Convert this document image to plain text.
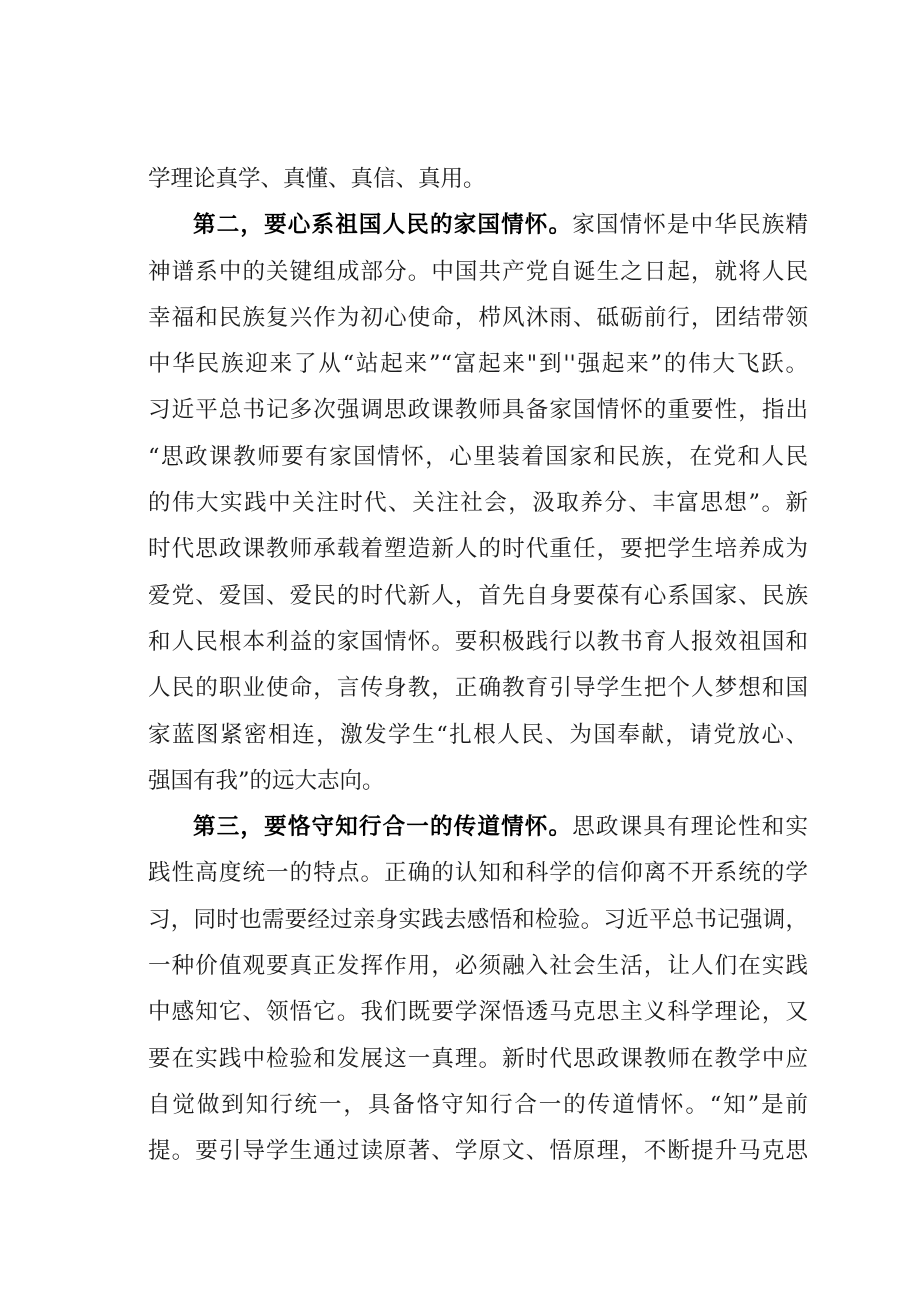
学理论真学、真懂、真信、真用。
第二，要心系祖国人民的家国情怀。家国情怀是中华民族精
神谱系中的关键组成部分。中国共产党自诞生之日起，就将人民
幸福和民族复兴作为初心使命，栉风沐雨、砥砺前行，团结带领
中华民族迎来了从“站起来”“富起来"到''强起来”的伟大飞跃。
习近平总书记多次强调思政课教师具备家国情怀的重要性，指出
“思政课教师要有家国情怀，心里装着国家和民族，在党和人民
的伟大实践中关注时代、关注社会，汲取养分、丰富思想”。新
时代思政课教师承载着塑造新人的时代重任，要把学生培养成为
爱党、爱国、爱民的时代新人，首先自身要葆有心系国家、民族
和人民根本利益的家国情怀。要积极践行以教书育人报效祖国和
人民的职业使命，言传身教，正确教育引导学生把个人梦想和国
家蓝图紧密相连，激发学生“扎根人民、为国奉献，请党放心、
强国有我”的远大志向。
第三，要恪守知行合一的传道情怀。思政课具有理论性和实
践性高度统一的特点。正确的认知和科学的信仰离不开系统的学
习，同时也需要经过亲身实践去感悟和检验。习近平总书记强调，
一种价值观要真正发挥作用，必须融入社会生活，让人们在实践
中感知它、领悟它。我们既要学深悟透马克思主义科学理论，又
要在实践中检验和发展这一真理。新时代思政课教师在教学中应
自觉做到知行统一，具备恪守知行合一的传道情怀。“知”是前
提。要引导学生通过读原著、学原文、悟原理，不断提升马克思
